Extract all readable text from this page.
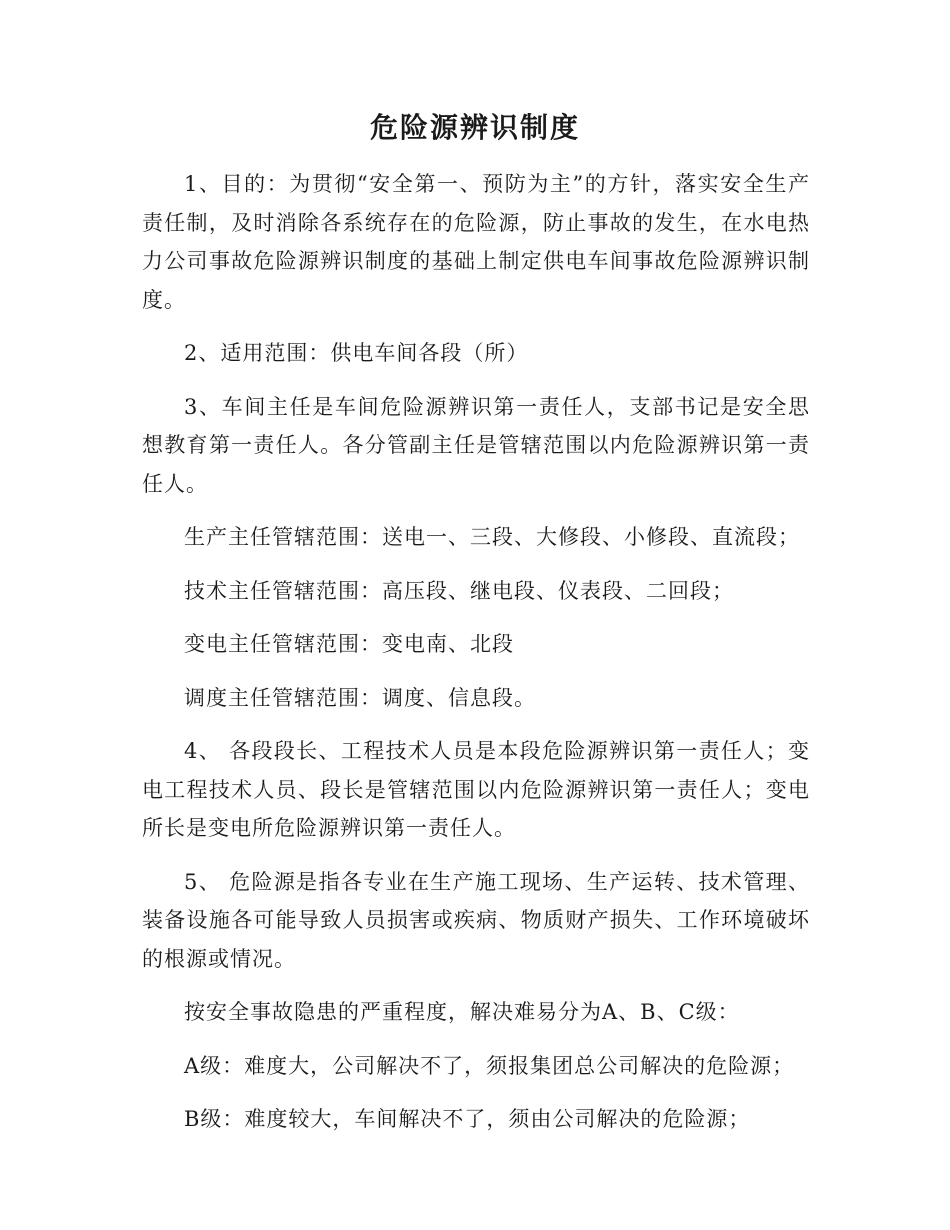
危险源辨识制度

1、目的：为贯彻“安全第一、预防为主”的方针，落实安全生产责任制，及时消除各系统存在的危险源，防止事故的发生，在水电热力公司事故危险源辨识制度的基础上制定供电车间事故危险源辨识制度。

2、适用范围：供电车间各段（所）

3、车间主任是车间危险源辨识第一责任人，支部书记是安全思想教育第一责任人。各分管副主任是管辖范围以内危险源辨识第一责任人。

生产主任管辖范围：送电一、三段、大修段、小修段、直流段；

技术主任管辖范围：高压段、继电段、仪表段、二回段；

变电主任管辖范围：变电南、北段

调度主任管辖范围：调度、信息段。

4、 各段段长、工程技术人员是本段危险源辨识第一责任人；变电工程技术人员、段长是管辖范围以内危险源辨识第一责任人；变电所长是变电所危险源辨识第一责任人。

5、 危险源是指各专业在生产施工现场、生产运转、技术管理、装备设施各可能导致人员损害或疾病、物质财产损失、工作环境破坏的根源或情况。

按安全事故隐患的严重程度，解决难易分为A、B、C级：

A级：难度大，公司解决不了，须报集团总公司解决的危险源；

B级：难度较大，车间解决不了，须由公司解决的危险源；
